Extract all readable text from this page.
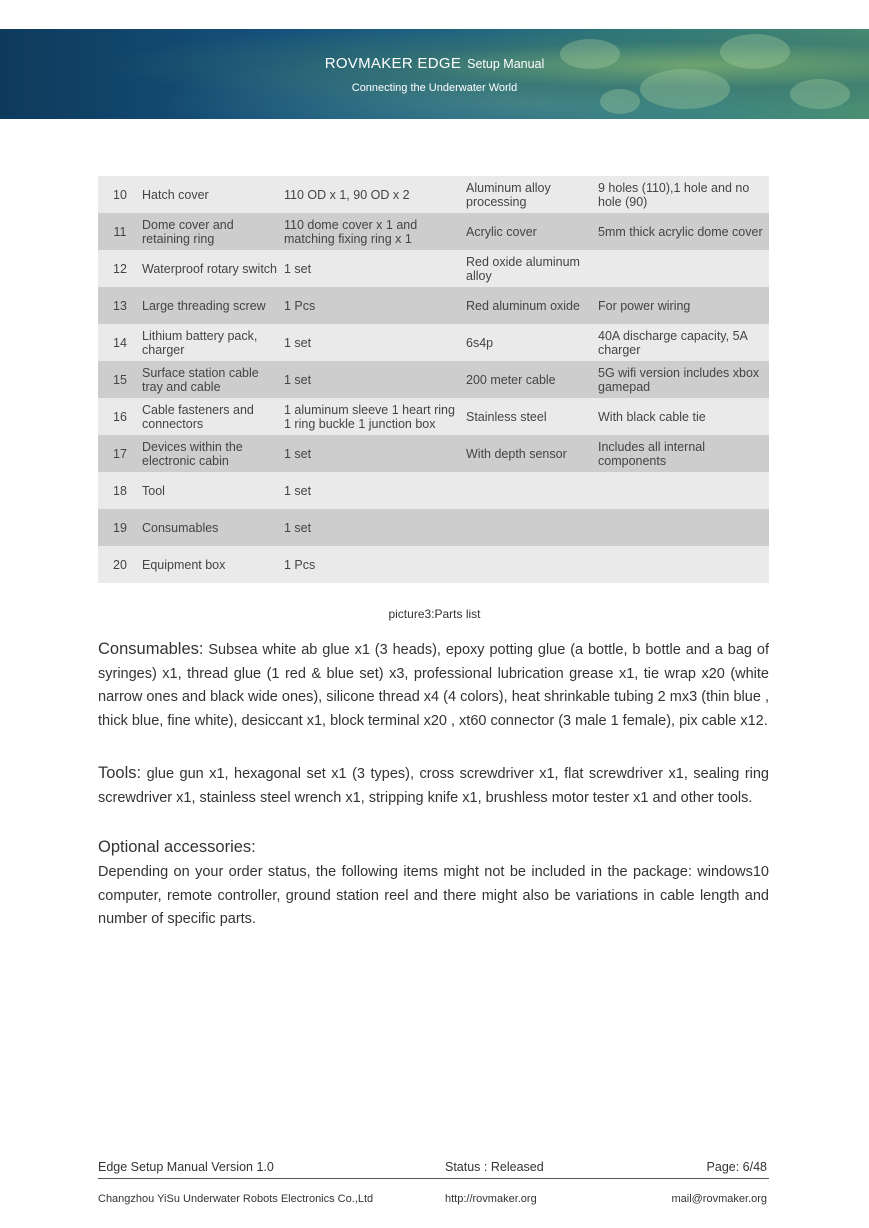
ROVMAKER EDGE Setup Manual
Connecting the Underwater World
10	Hatch cover	110 OD x 1, 90 OD x 2	Aluminum alloy processing	9 holes (110),1 hole and no hole (90)
11	Dome cover and retaining ring	110 dome cover x 1 and matching fixing ring x 1	Acrylic cover	5mm thick acrylic dome cover
12	Waterproof rotary switch	1 set	Red oxide aluminum alloy	
13	Large threading screw	1 Pcs	Red aluminum oxide	For power wiring
14	Lithium battery pack, charger	1 set	6s4p	40A discharge capacity, 5A charger
15	Surface station cable tray and cable	1 set	200 meter cable	5G wifi version includes xbox gamepad
16	Cable fasteners and connectors	1 aluminum sleeve 1 heart ring 1 ring buckle 1 junction box	Stainless steel	With black cable tie
17	Devices within the electronic cabin	1 set	With depth sensor	Includes all internal components
18	Tool	1 set		
19	Consumables	1 set		
20	Equipment box	1 Pcs		
picture3:Parts list
Consumables: Subsea white ab glue x1 (3 heads), epoxy potting glue (a bottle, b bottle and a bag of syringes) x1, thread glue (1 red & blue set) x3, professional lubrication grease x1, tie wrap x20 (white narrow ones and black wide ones), silicone thread x4 (4 colors), heat shrinkable tubing 2 mx3 (thin blue , thick blue, fine white), desiccant x1, block terminal x20 , xt60 connector (3 male 1 female), pix cable x12.
Tools: glue gun x1, hexagonal set x1 (3 types), cross screwdriver x1, flat screwdriver x1, sealing ring screwdriver x1, stainless steel wrench x1, stripping knife x1, brushless motor tester x1 and other tools.
Optional accessories:
Depending on your order status, the following items might not be included in the package: windows10 computer, remote controller, ground station reel and there might also be variations in cable length and number of specific parts.
Edge Setup Manual Version 1.0	Status : Released	Page: 6/48
Changzhou YiSu Underwater Robots Electronics Co.,Ltd	http://rovmaker.org	mail@rovmaker.org
